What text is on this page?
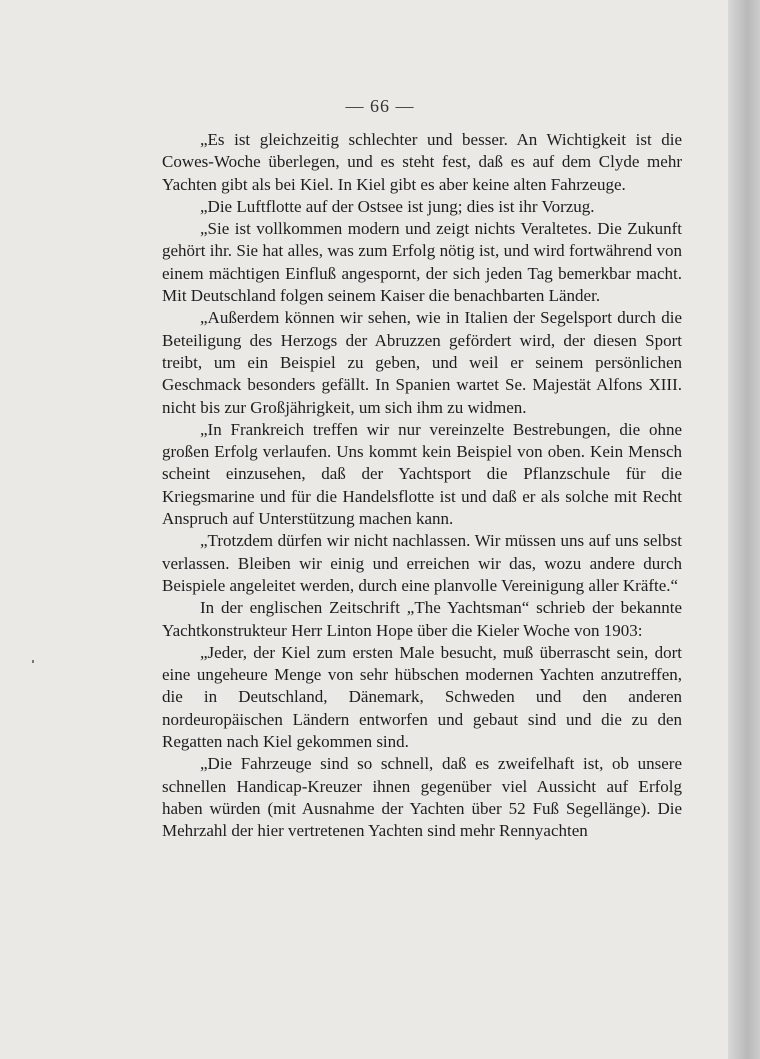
— 66 —

„Es ist gleichzeitig schlechter und besser. An Wichtigkeit ist die Cowes-Woche überlegen, und es steht fest, daß es auf dem Clyde mehr Yachten gibt als bei Kiel. In Kiel gibt es aber keine alten Fahrzeuge.

„Die Luftflotte auf der Ostsee ist jung; dies ist ihr Vorzug.

„Sie ist vollkommen modern und zeigt nichts Veraltetes. Die Zukunft gehört ihr. Sie hat alles, was zum Erfolg nötig ist, und wird fortwährend von einem mächtigen Einfluß angespornt, der sich jeden Tag bemerkbar macht. Mit Deutschland folgen seinem Kaiser die benachbarten Länder.

„Außerdem können wir sehen, wie in Italien der Segelsport durch die Beteiligung des Herzogs der Abruzzen gefördert wird, der diesen Sport treibt, um ein Beispiel zu geben, und weil er seinem persönlichen Geschmack besonders gefällt. In Spanien wartet Se. Majestät Alfons XIII. nicht bis zur Großjährigkeit, um sich ihm zu widmen.

„In Frankreich treffen wir nur vereinzelte Bestrebungen, die ohne großen Erfolg verlaufen. Uns kommt kein Beispiel von oben. Kein Mensch scheint einzusehen, daß der Yachtsport die Pflanzschule für die Kriegsmarine und für die Handelsflotte ist und daß er als solche mit Recht Anspruch auf Unterstützung machen kann.

„Trotzdem dürfen wir nicht nachlassen. Wir müssen uns auf uns selbst verlassen. Bleiben wir einig und erreichen wir das, wozu andere durch Beispiele angeleitet werden, durch eine planvolle Vereinigung aller Kräfte.“

In der englischen Zeitschrift „The Yachtsman“ schrieb der bekannte Yachtkonstrukteur Herr Linton Hope über die Kieler Woche von 1903:

„Jeder, der Kiel zum ersten Male besucht, muß überrascht sein, dort eine ungeheure Menge von sehr hübschen modernen Yachten anzutreffen, die in Deutschland, Dänemark, Schweden und den anderen nordeuropäischen Ländern entworfen und gebaut sind und die zu den Regatten nach Kiel gekommen sind.

„Die Fahrzeuge sind so schnell, daß es zweifelhaft ist, ob unsere schnellen Handicap-Kreuzer ihnen gegenüber viel Aussicht auf Erfolg haben würden (mit Ausnahme der Yachten über 52 Fuß Segellänge). Die Mehrzahl der hier vertretenen Yachten sind mehr Rennyachten
